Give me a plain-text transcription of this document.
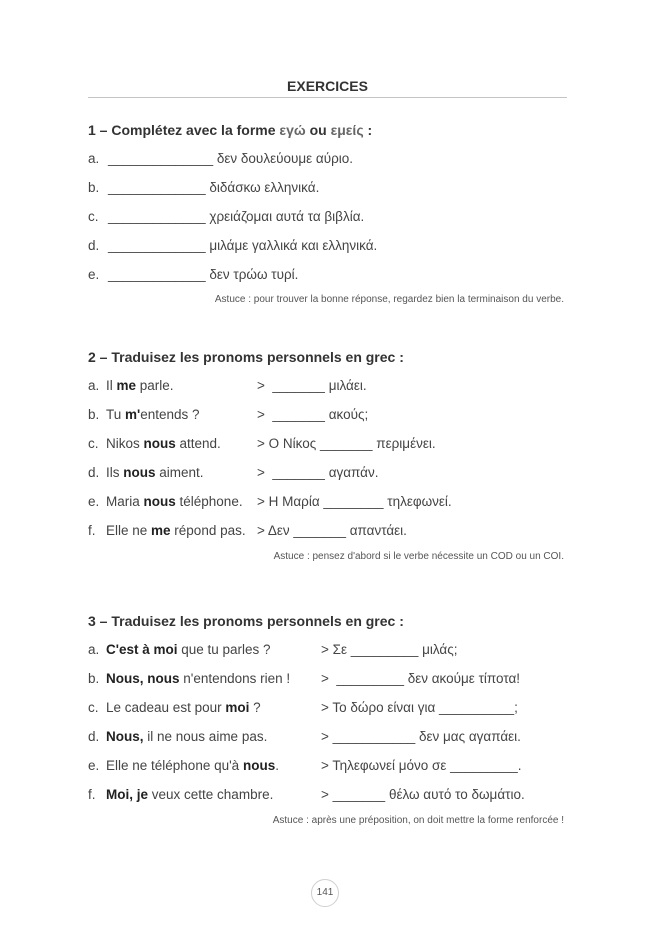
EXERCICES
1 – Complétez avec la forme εγώ ou εμείς :
a. ______________ δεν δουλεύουμε αύριο.
b. _____________ διδάσκω ελληνικά.
c. _____________ χρειάζομαι αυτά τα βιβλία.
d. _____________ μιλάμε γαλλικά και ελληνικά.
e. _____________ δεν τρώω τυρί.
Astuce : pour trouver la bonne réponse, regardez bien la terminaison du verbe.
2 – Traduisez les pronoms personnels en grec :
a. Il me parle.	>  _______ μιλάει.
b. Tu m'entends ?	>  _______ ακούς;
c. Nikos nous attend.	> Ο Νίκος _______ περιμένει.
d. Ils nous aiment.	>  _______ αγαπάν.
e. Maria nous téléphone. > Η Μαρία ________ τηλεφωνεί.
f. Elle ne me répond pas. > Δεν _______ απαντάει.
Astuce : pensez d'abord si le verbe nécessite un COD ou un COI.
3 – Traduisez les pronoms personnels en grec :
a. C'est à moi que tu parles ?	> Σε _________ μιλάς;
b. Nous, nous n'entendons rien ! >  _________ δεν ακούμε τίποτα!
c. Le cadeau est pour moi ?	> Το δώρο είναι για __________;
d. Nous, il ne nous aime pas.	> ___________ δεν μας αγαπάει.
e. Elle ne téléphone qu'à nous.	> Τηλεφωνεί μόνο σε _________.
f. Moi, je veux cette chambre.	> _______ θέλω αυτό το δωμάτιο.
Astuce : après une préposition, on doit mettre la forme renforcée !
141
